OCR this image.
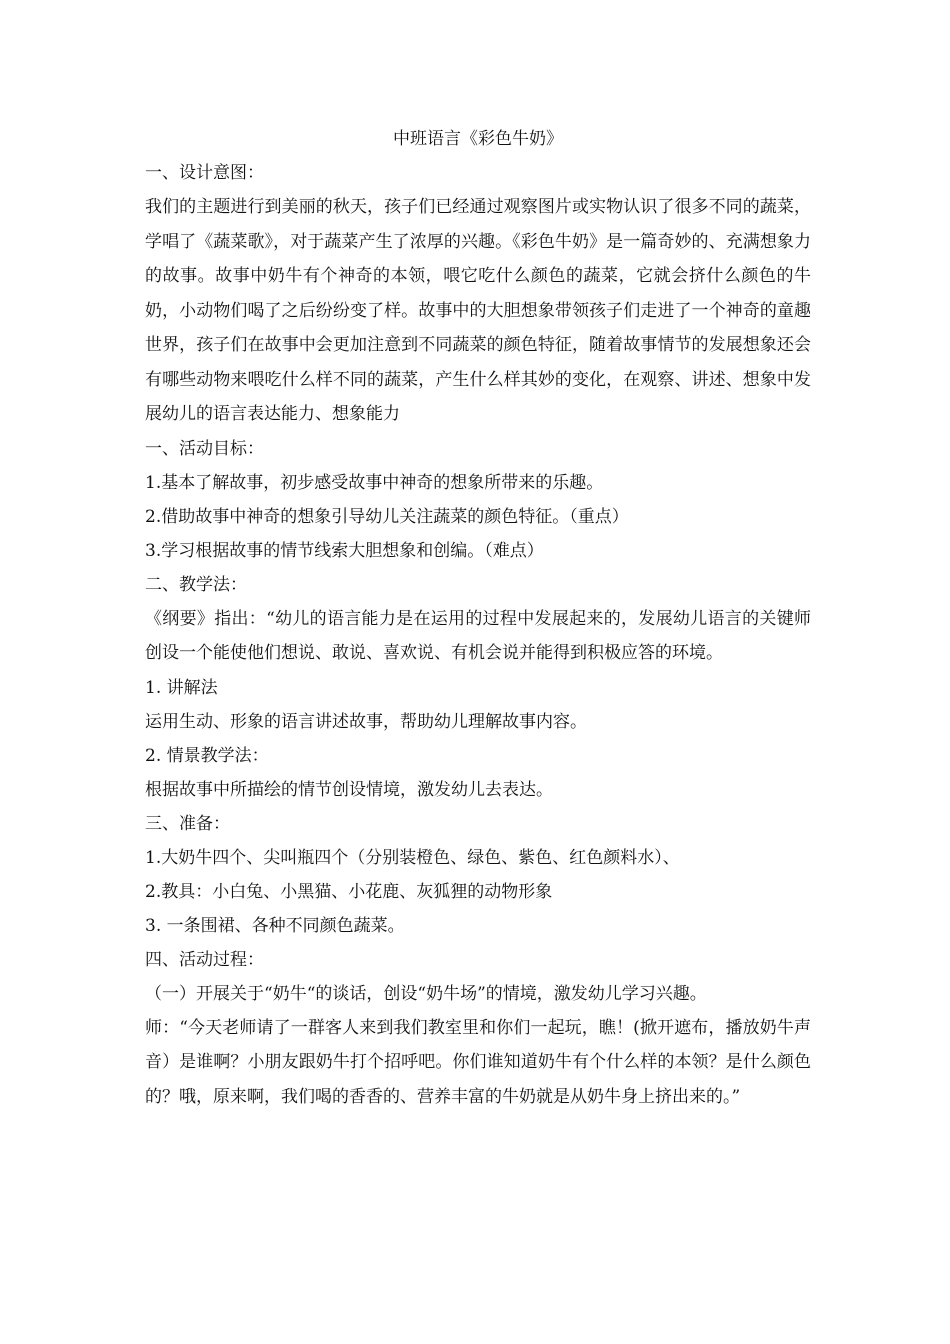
中班语言《彩色牛奶》

一、设计意图：

我们的主题进行到美丽的秋天，孩子们已经通过观察图片或实物认识了很多不同的蔬菜，学唱了《蔬菜歌》，对于蔬菜产生了浓厚的兴趣。《彩色牛奶》是一篇奇妙的、充满想象力的故事。故事中奶牛有个神奇的本领，喂它吃什么颜色的蔬菜，它就会挤什么颜色的牛奶，小动物们喝了之后纷纷变了样。故事中的大胆想象带领孩子们走进了一个神奇的童趣世界，孩子们在故事中会更加注意到不同蔬菜的颜色特征，随着故事情节的发展想象还会有哪些动物来喂吃什么样不同的蔬菜，产生什么样其妙的变化，在观察、讲述、想象中发展幼儿的语言表达能力、想象能力

一、活动目标：

1.基本了解故事，初步感受故事中神奇的想象所带来的乐趣。

2.借助故事中神奇的想象引导幼儿关注蔬菜的颜色特征。（重点）

3.学习根据故事的情节线索大胆想象和创编。（难点）

二、教学法：

《纲要》指出：“幼儿的语言能力是在运用的过程中发展起来的，发展幼儿语言的关键师创设一个能使他们想说、敢说、喜欢说、有机会说并能得到积极应答的环境。

1. 讲解法

运用生动、形象的语言讲述故事，帮助幼儿理解故事内容。

2. 情景教学法：

根据故事中所描绘的情节创设情境，激发幼儿去表达。

三、准备：

1.大奶牛四个、尖叫瓶四个（分别装橙色、绿色、紫色、红色颜料水）、

2.教具：小白兔、小黑猫、小花鹿、灰狐狸的动物形象

3. 一条围裙、各种不同颜色蔬菜。

四、活动过程：

（一）开展关于“奶牛“的谈话，创设“奶牛场”的情境，激发幼儿学习兴趣。

师：“今天老师请了一群客人来到我们教室里和你们一起玩，瞧！(掀开遮布，播放奶牛声音）是谁啊？小朋友跟奶牛打个招呼吧。你们谁知道奶牛有个什么样的本领？是什么颜色的？哦，原来啊，我们喝的香香的、营养丰富的牛奶就是从奶牛身上挤出来的。”
